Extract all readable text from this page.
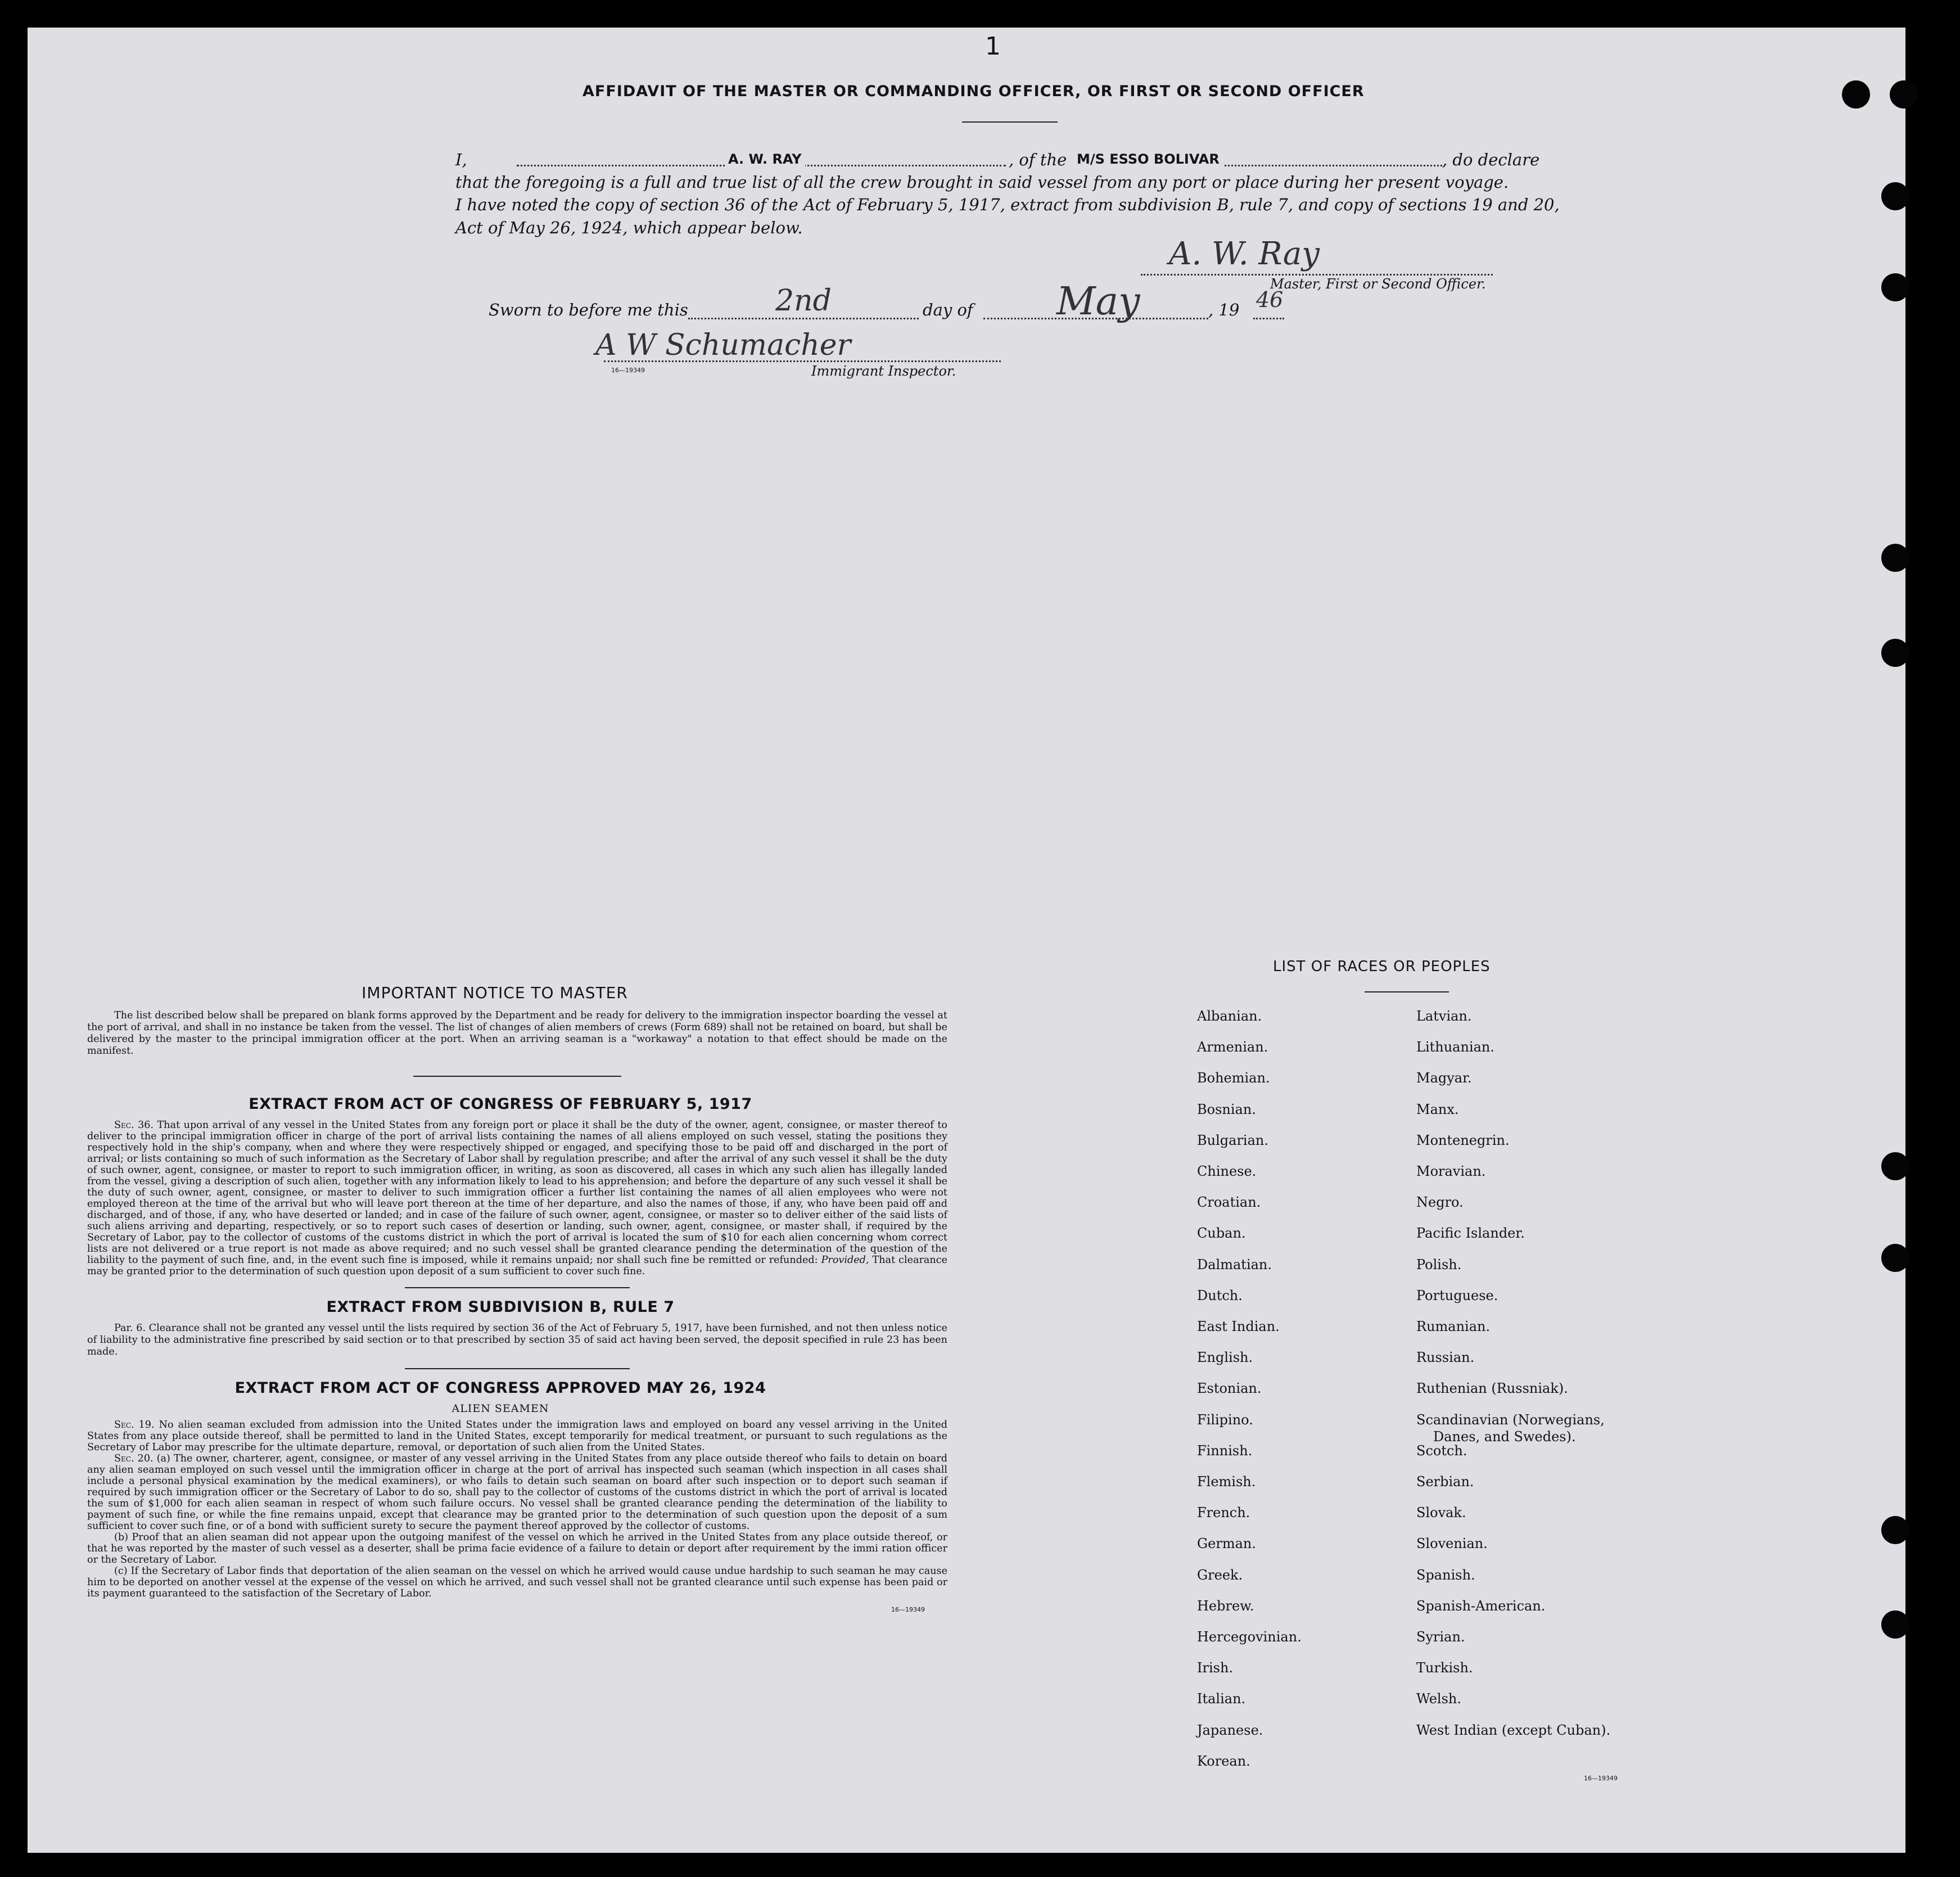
1
AFFIDAVIT OF THE MASTER OR COMMANDING OFFICER, OR FIRST OR SECOND OFFICER
I,	A. W. RAY	, of the M/S ESSO BOLIVAR	, do declare
that the foregoing is a full and true list of all the crew brought in said vessel from any port or place during her present voyage.
I have noted the copy of section 36 of the Act of February 5, 1917, extract from subdivision B, rule 7, and copy of sections 19 and 20,
Act of May 26, 1924, which appear below.
A. W. Ray
Master, First or Second Officer.
Sworn to before me this	2nd	day of May	, 19 46
A W Schumacher
16—19349	Immigrant Inspector.
IMPORTANT NOTICE TO MASTER

The list described below shall be prepared on blank forms approved by the Department and be ready for delivery to the immigration inspector boarding the vessel at the port of arrival, and shall in no instance be taken from the vessel. The list of changes of alien members of crews (Form 689) shall not be retained on board, but shall be delivered by the master to the principal immigration officer at the port. When an arriving seaman is a "workaway" a notation to that effect should be made on the manifest.

EXTRACT FROM ACT OF CONGRESS OF FEBRUARY 5, 1917

Sec. 36. That upon arrival of any vessel in the United States from any foreign port or place it shall be the duty of the owner, agent, consignee, or master thereof to deliver to the principal immigration officer in charge of the port of arrival lists containing the names of all aliens employed on such vessel, stating the positions they respectively hold in the ship's company, when and where they were respectively shipped or engaged, and specifying those to be paid off and discharged in the port of arrival; or lists containing so much of such information as the Secretary of Labor shall by regulation prescribe; and after the arrival of any such vessel it shall be the duty of such owner, agent, consignee, or master to report to such immigration officer, in writing, as soon as discovered, all cases in which any such alien has illegally landed from the vessel, giving a description of such alien, together with any information likely to lead to his apprehension; and before the departure of any such vessel it shall be the duty of such owner, agent, consignee, or master to deliver to such immigration officer a further list containing the names of all alien employees who were not employed thereon at the time of the arrival but who will leave port thereon at the time of her departure, and also the names of those, if any, who have been paid off and discharged, and of those, if any, who have deserted or landed; and in case of the failure of such owner, agent, consignee, or master so to deliver either of the said lists of such aliens arriving and departing, respectively, or so to report such cases of desertion or landing, such owner, agent, consignee, or master shall, if required by the Secretary of Labor, pay to the collector of customs of the customs district in which the port of arrival is located the sum of $10 for each alien concerning whom correct lists are not delivered or a true report is not made as above required; and no such vessel shall be granted clearance pending the determination of the question of the liability to the payment of such fine, and, in the event such fine is imposed, while it remains unpaid; nor shall such fine be remitted or refunded: Provided, That clearance may be granted prior to the determination of such question upon deposit of a sum sufficient to cover such fine.

EXTRACT FROM SUBDIVISION B, RULE 7

Par. 6. Clearance shall not be granted any vessel until the lists required by section 36 of the Act of February 5, 1917, have been furnished, and not then unless notice of liability to the administrative fine prescribed by said section or to that prescribed by section 35 of said act having been served, the deposit specified in rule 23 has been made.

EXTRACT FROM ACT OF CONGRESS APPROVED MAY 26, 1924
ALIEN SEAMEN

Sec. 19. No alien seaman excluded from admission into the United States under the immigration laws and employed on board any vessel arriving in the United States from any place outside thereof, shall be permitted to land in the United States, except temporarily for medical treatment, or pursuant to such regulations as the Secretary of Labor may prescribe for the ultimate departure, removal, or deportation of such alien from the United States.

Sec. 20. (a) The owner, charterer, agent, consignee, or master of any vessel arriving in the United States from any place outside thereof who fails to detain on board any alien seaman employed on such vessel until the immigration officer in charge at the port of arrival has inspected such seaman (which inspection in all cases shall include a personal physical examination by the medical examiners), or who fails to detain such seaman on board after such inspection or to deport such seaman if required by such immigration officer or the Secretary of Labor to do so, shall pay to the collector of customs of the customs district in which the port of arrival is located the sum of $1,000 for each alien seaman in respect of whom such failure occurs. No vessel shall be granted clearance pending the determination of the liability to payment of such fine, or while the fine remains unpaid, except that clearance may be granted prior to the determination of such question upon the deposit of a sum sufficient to cover such fine, or of a bond with sufficient surety to secure the payment thereof approved by the collector of customs.

(b) Proof that an alien seaman did not appear upon the outgoing manifest of the vessel on which he arrived in the United States from any place outside thereof, or that he was reported by the master of such vessel as a deserter, shall be prima facie evidence of a failure to detain or deport after requirement by the immi ration officer or the Secretary of Labor.

(c) If the Secretary of Labor finds that deportation of the alien seaman on the vessel on which he arrived would cause undue hardship to such seaman he may cause him to be deported on another vessel at the expense of the vessel on which he arrived, and such vessel shall not be granted clearance until such expense has been paid or its payment guaranteed to the satisfaction of the Secretary of Labor.

16—19349
LIST OF RACES OR PEOPLES
16—19349
Albanian.
Armenian.
Bohemian.
Bosnian.
Bulgarian.
Chinese.
Croatian.
Cuban.
Dalmatian.
Dutch.
East Indian.
English.
Estonian.
Filipino.
Finnish.
Flemish.
French.
German.
Greek.
Hebrew.
Hercegovinian.
Irish.
Italian.
Japanese.
Korean.
Latvian.
Lithuanian.
Magyar.
Manx.
Montenegrin.
Moravian.
Negro.
Pacific Islander.
Polish.
Portuguese.
Rumanian.
Russian.
Ruthenian (Russniak).
Scandinavian (Norwegians,
Danes, and Swedes).
Scotch.
Serbian.
Slovak.
Slovenian.
Spanish.
Spanish-American.
Syrian.
Turkish.
Welsh.
West Indian (except Cuban).
